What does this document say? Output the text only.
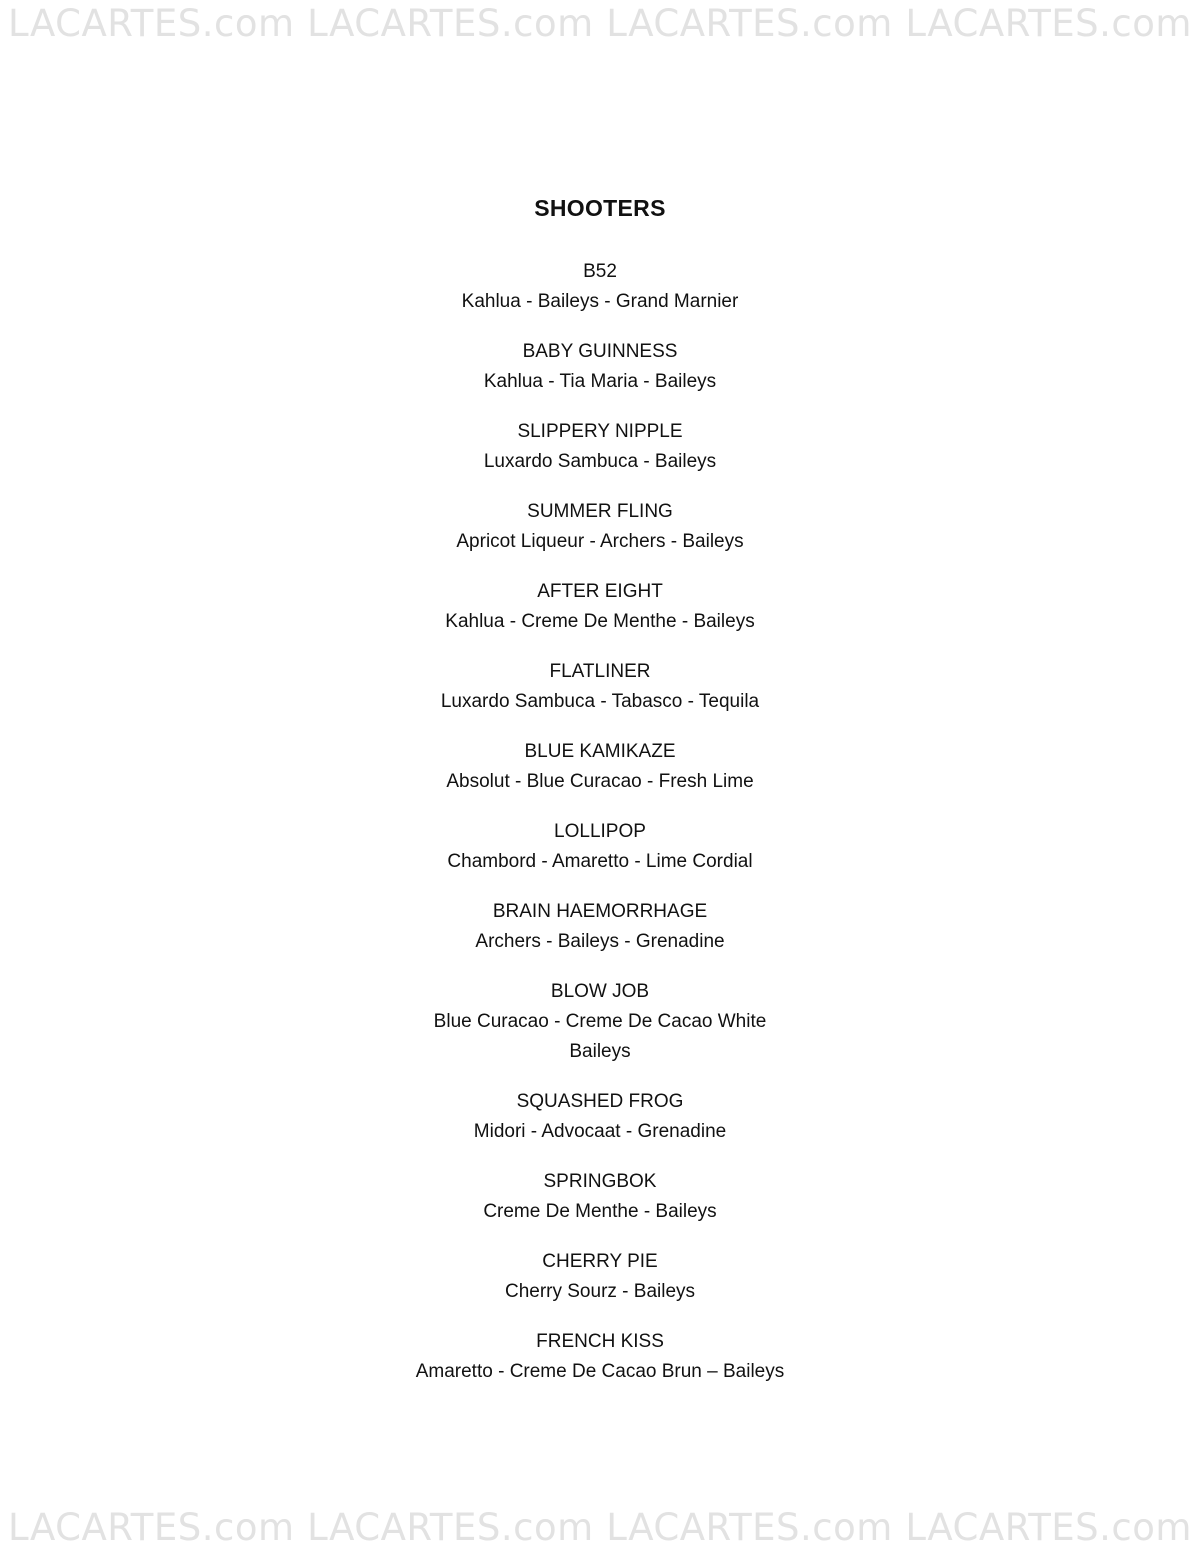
LACARTES.com LACARTES.com LACARTES.com LACARTES.com
SHOOTERS
B52
Kahlua - Baileys - Grand Marnier
BABY GUINNESS
Kahlua - Tia Maria - Baileys
SLIPPERY NIPPLE
Luxardo Sambuca - Baileys
SUMMER FLING
Apricot Liqueur - Archers - Baileys
AFTER EIGHT
Kahlua - Creme De Menthe - Baileys
FLATLINER
Luxardo Sambuca - Tabasco - Tequila
BLUE KAMIKAZE
Absolut - Blue Curacao - Fresh Lime
LOLLIPOP
Chambord - Amaretto - Lime Cordial
BRAIN HAEMORRHAGE
Archers - Baileys - Grenadine
BLOW JOB
Blue Curacao - Creme De Cacao White
Baileys
SQUASHED FROG
Midori - Advocaat - Grenadine
SPRINGBOK
Creme De Menthe - Baileys
CHERRY PIE
Cherry Sourz - Baileys
FRENCH KISS
Amaretto - Creme De Cacao Brun – Baileys
LACARTES.com LACARTES.com LACARTES.com LACARTES.com
